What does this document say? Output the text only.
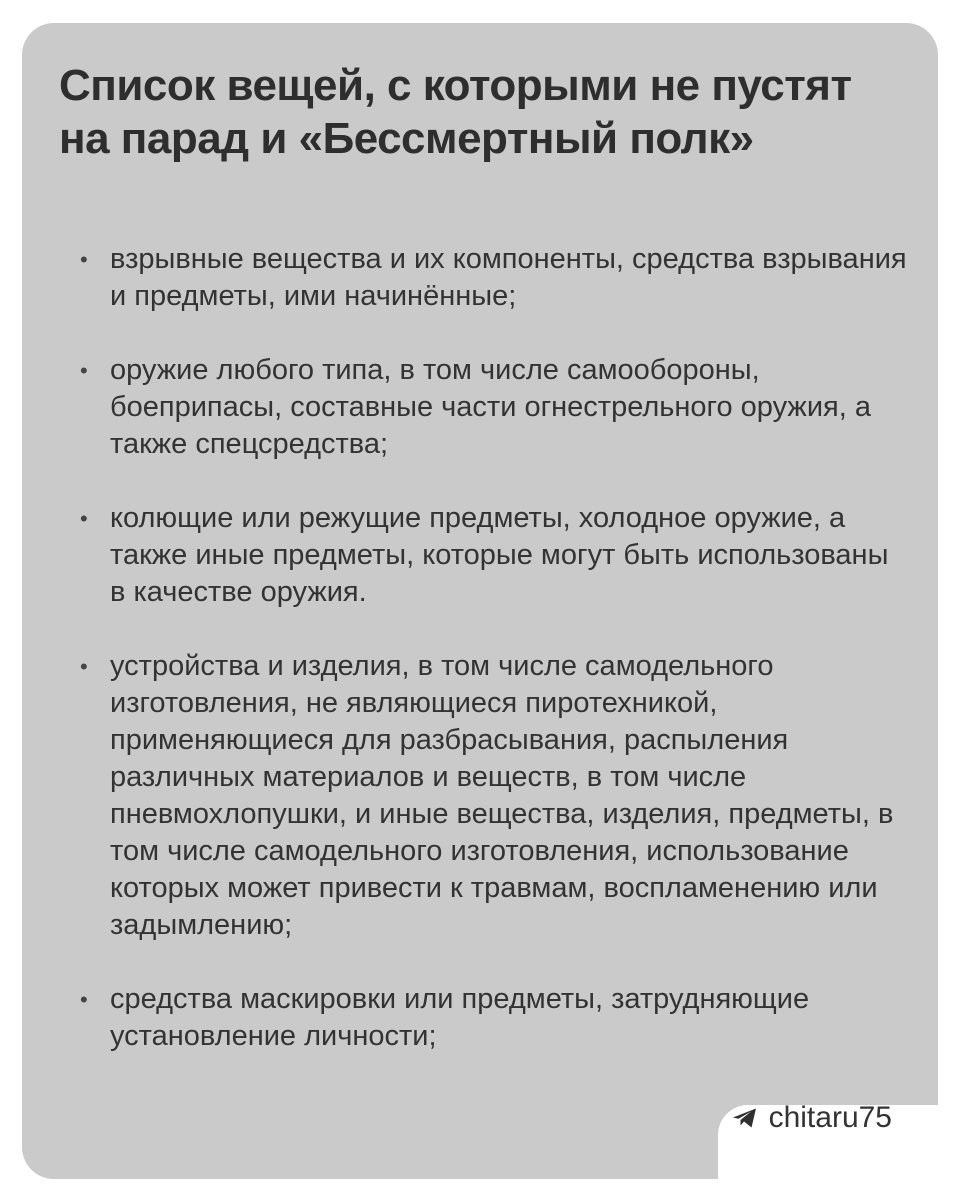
Список вещей, с которыми не пустят на парад и «Бессмертный полк»
• взрывные вещества и их компоненты, средства взрывания и предметы, ими начинённые;
• оружие любого типа, в том числе самообороны, боеприпасы, составные части огнестрельного оружия, а также спецсредства;
• колющие или режущие предметы, холодное оружие, а также иные предметы, которые могут быть использованы в качестве оружия.
• устройства и изделия, в том числе самодельного изготовления, не являющиеся пиротехникой, применяющиеся для разбрасывания, распыления различных материалов и веществ, в том числе пневмохлопушки, и иные вещества, изделия, предметы, в том числе самодельного изготовления, использование которых может привести к травмам, воспламенению или задымлению;
• средства маскировки или предметы, затрудняющие установление личности;
chitaru75
